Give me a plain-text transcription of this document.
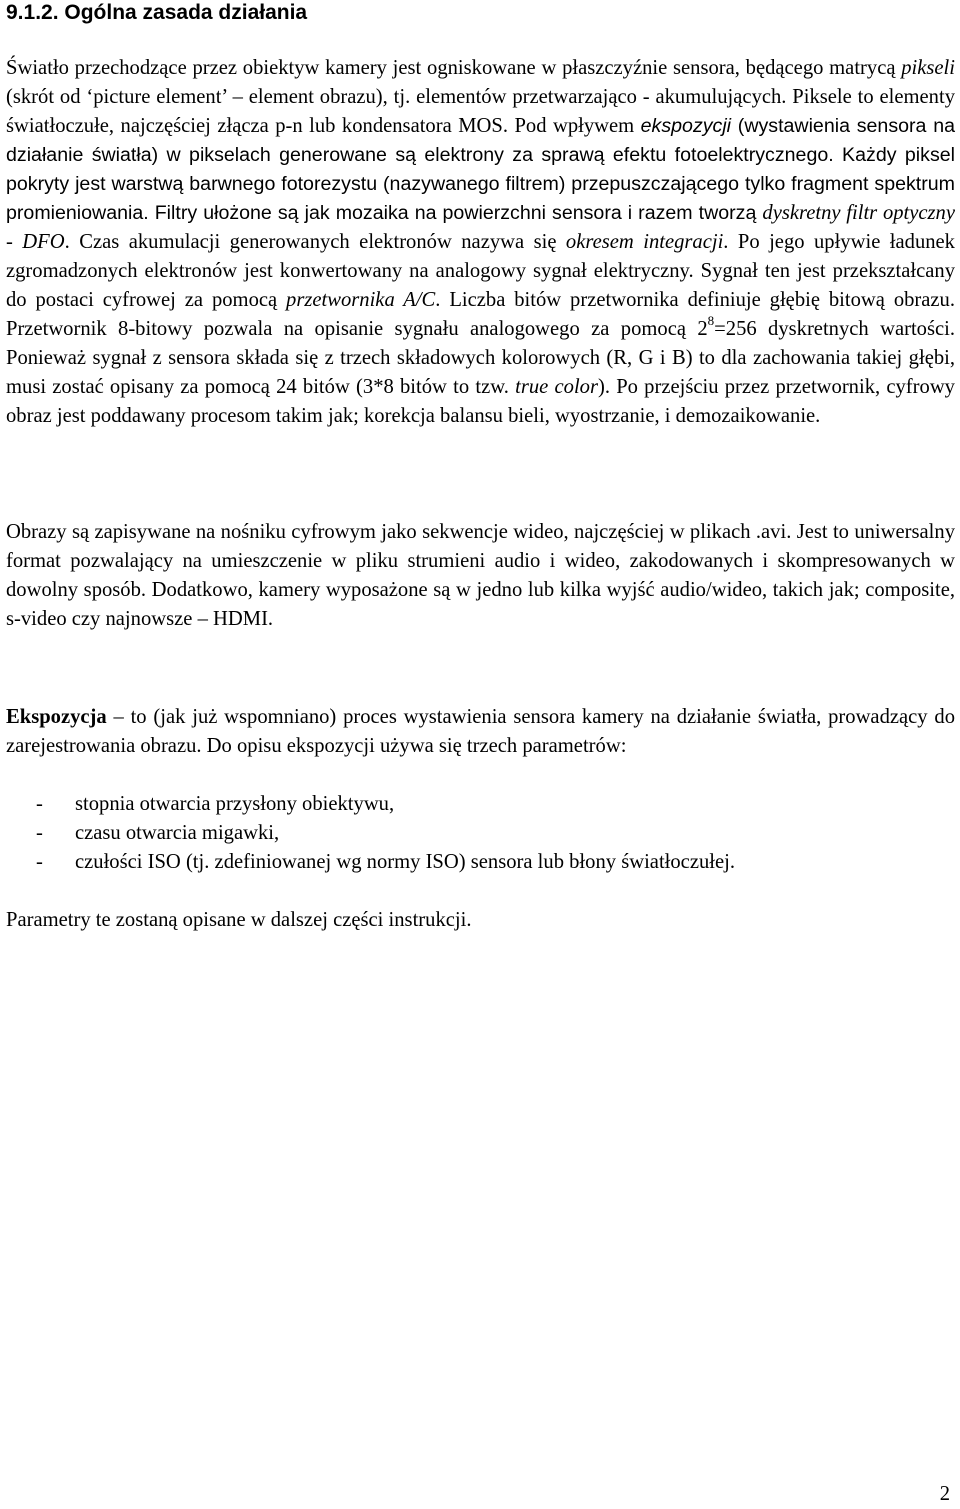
9.1.2. Ogólna zasada działania

Światło przechodzące przez obiektyw kamery jest ogniskowane w płaszczyźnie sensora, będącego matrycą pikseli (skrót od ‘picture element’ – element obrazu), tj. elementów przetwarzająco - akumulujących. Piksele to elementy światłoczułe, najczęściej złącza p-n lub kondensatora MOS. Pod wpływem ekspozycji (wystawienia sensora na działanie światła) w pikselach generowane są elektrony za sprawą efektu fotoelektrycznego. Każdy piksel pokryty jest warstwą barwnego fotorezystu (nazywanego filtrem) przepuszczającego tylko fragment spektrum promieniowania. Filtry ułożone są jak mozaika na powierzchni sensora i razem tworzą dyskretny filtr optyczny - DFO. Czas akumulacji generowanych elektronów nazywa się okresem integracji. Po jego upływie ładunek zgromadzonych elektronów jest konwertowany na analogowy sygnał elektryczny. Sygnał ten jest przekształcany do postaci cyfrowej za pomocą przetwornika A/C. Liczba bitów przetwornika definiuje głębię bitową obrazu. Przetwornik 8-bitowy pozwala na opisanie sygnału analogowego za pomocą $2^8=256$ dyskretnych wartości. Ponieważ sygnał z sensora składa się z trzech składowych kolorowych (R, G i B) to dla zachowania takiej głębi, musi zostać opisany za pomocą 24 bitów (3*8 bitów to tzw. true color). Po przejściu przez przetwornik, cyfrowy obraz jest poddawany procesom takim jak; korekcja balansu bieli, wyostrzanie, i demozaikowanie.

Obrazy są zapisywane na nośniku cyfrowym jako sekwencje wideo, najczęściej w plikach .avi. Jest to uniwersalny format pozwalający na umieszczenie w pliku strumieni audio i wideo, zakodowanych i skompresowanych w dowolny sposób. Dodatkowo, kamery wyposażone są w jedno lub kilka wyjść audio/wideo, takich jak; composite, s-video czy najnowsze – HDMI.

Ekspozycja – to (jak już wspomniano) proces wystawienia sensora kamery na działanie światła, prowadzący do zarejestrowania obrazu. Do opisu ekspozycji używa się trzech parametrów:

- stopnia otwarcia przysłony obiektywu,
- czasu otwarcia migawki,
- czułości ISO (tj. zdefiniowanej wg normy ISO) sensora lub błony światłoczułej.

Parametry te zostaną opisane w dalszej części instrukcji.

2
